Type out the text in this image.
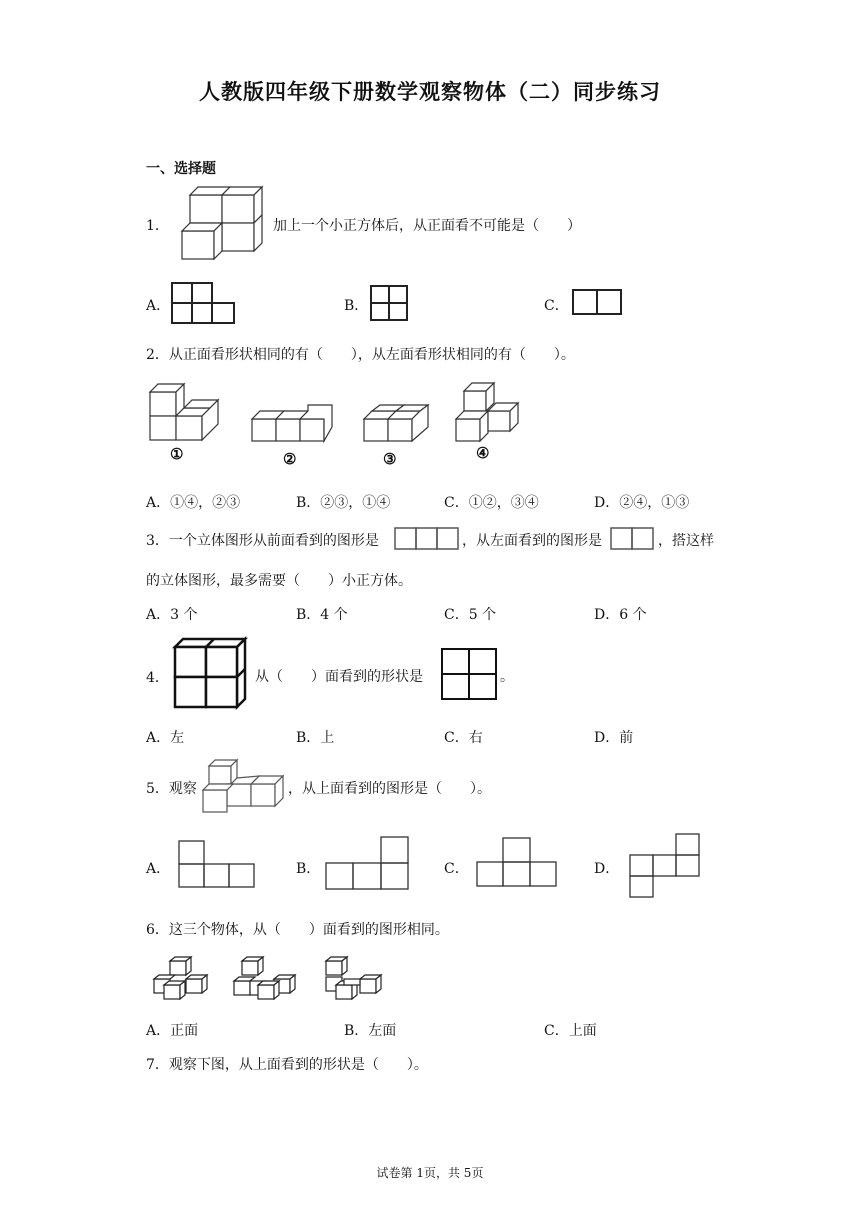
人教版四年级下册数学观察物体（二）同步练习
一、选择题
1．	加上一个小正方体后，从正面看不可能是（　　）
A．	B．	C．
2．从正面看形状相同的有（　　），从左面看形状相同的有（　　）。
①	②	③	④
A．①④，②③	B．②③，①④	C．①②，③④	D．②④，①③
3．一个立体图形从前面看到的图形是	，从左面看到的图形是	，搭这样
的立体图形，最多需要（　　）小正方体。
A．3 个	B．4 个	C．5 个	D．6 个
4．	从（　　）面看到的形状是	。
A．左	B．上	C．右	D．前
5．观察	，从上面看到的图形是（　　）。
A．	B．	C．	D．
6．这三个物体，从（　　）面看到的图形相同。
A．正面	B．左面	C．上面
7．观察下图，从上面看到的形状是（　　）。
试卷第 1页，共 5页
